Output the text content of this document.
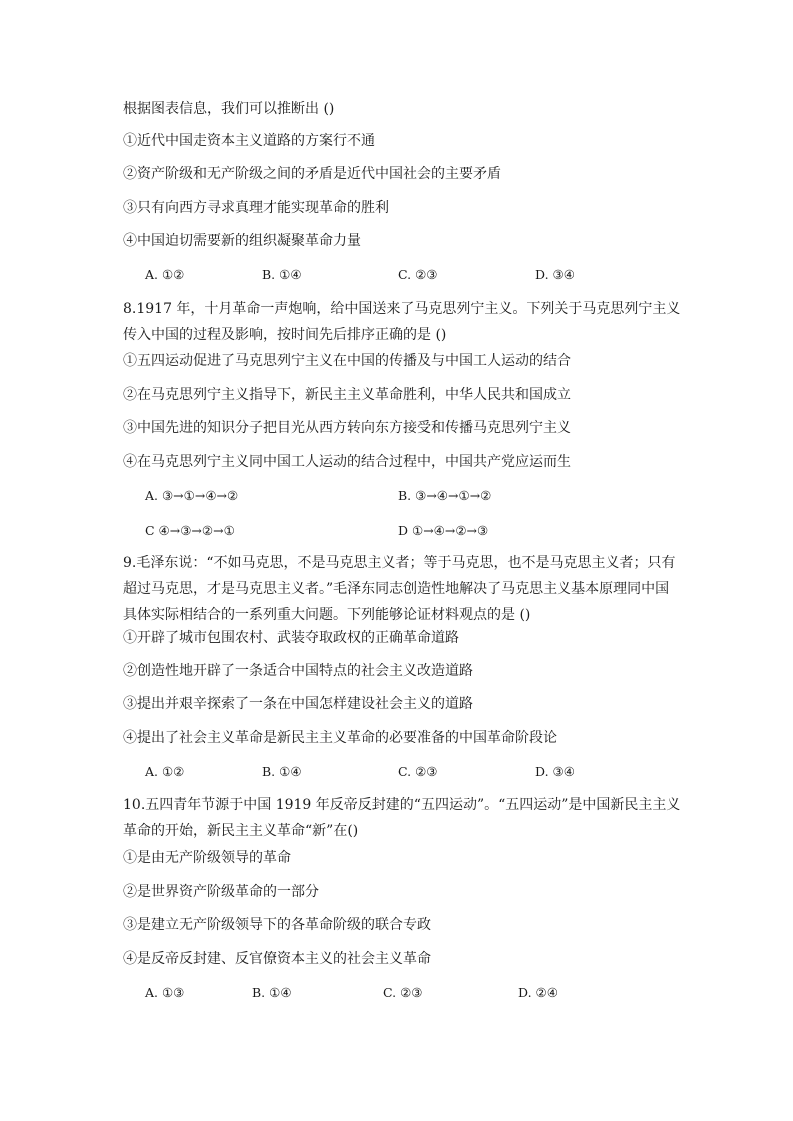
根据图表信息，我们可以推断出 ()
①近代中国走资本主义道路的方案行不通
②资产阶级和无产阶级之间的矛盾是近代中国社会的主要矛盾
③只有向西方寻求真理才能实现革命的胜利
④中国迫切需要新的组织凝聚革命力量
A. ①②	B. ①④	C. ②③	D. ③④
8.1917 年，十月革命一声炮响，给中国送来了马克思列宁主义。下列关于马克思列宁主义传入中国的过程及影响，按时间先后排序正确的是 ()
①五四运动促进了马克思列宁主义在中国的传播及与中国工人运动的结合
②在马克思列宁主义指导下，新民主主义革命胜利，中华人民共和国成立
③中国先进的知识分子把目光从西方转向东方接受和传播马克思列宁主义
④在马克思列宁主义同中国工人运动的结合过程中，中国共产党应运而生
A. ③→①→④→②	B. ③→④→①→②
C ④→③→②→①	D ①→④→②→③
9.毛泽东说：“不如马克思，不是马克思主义者；等于马克思，也不是马克思主义者；只有超过马克思，才是马克思主义者。”毛泽东同志创造性地解决了马克思主义基本原理同中国具体实际相结合的一系列重大问题。下列能够论证材料观点的是 ()
①开辟了城市包围农村、武装夺取政权的正确革命道路
②创造性地开辟了一条适合中国特点的社会主义改造道路
③提出并艰辛探索了一条在中国怎样建设社会主义的道路
④提出了社会主义革命是新民主主义革命的必要准备的中国革命阶段论
A. ①②	B. ①④	C. ②③	D. ③④
10.五四青年节源于中国 1919 年反帝反封建的“五四运动”。“五四运动”是中国新民主主义革命的开始，新民主主义革命“新”在()
①是由无产阶级领导的革命
②是世界资产阶级革命的一部分
③是建立无产阶级领导下的各革命阶级的联合专政
④是反帝反封建、反官僚资本主义的社会主义革命
A. ①③	B. ①④	C. ②③	D. ②④
